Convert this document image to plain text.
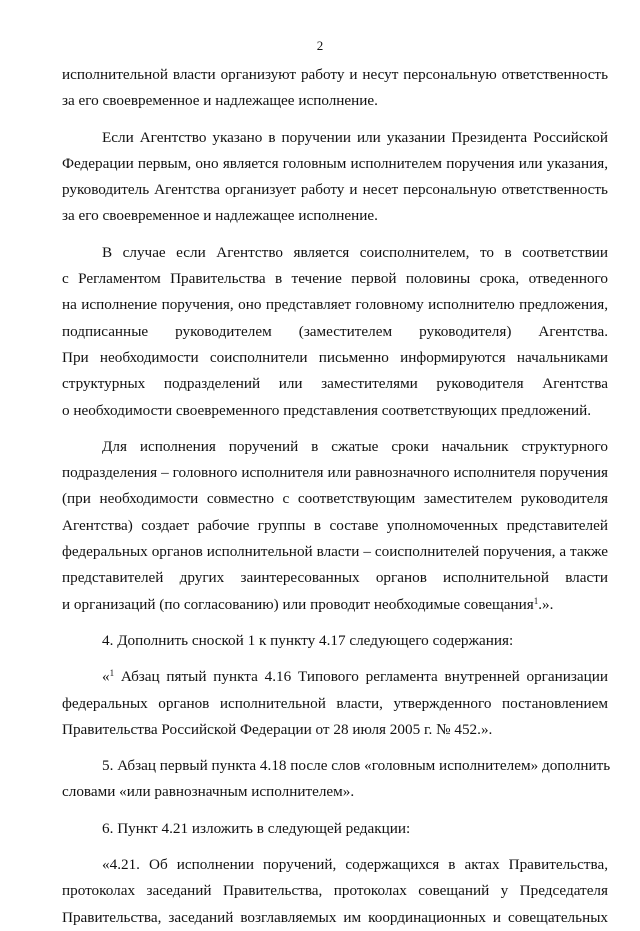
2
исполнительной власти организуют работу и несут персональную ответственность
за его своевременное и надлежащее исполнение.
Если Агентство указано в поручении или указании Президента Российской
Федерации первым, оно является головным исполнителем поручения или указания,
руководитель Агентства организует работу и несет персональную ответственность
за его своевременное и надлежащее исполнение.
В случае если Агентство является соисполнителем, то в соответствии
с Регламентом Правительства в течение первой половины срока, отведенного
на исполнение поручения, оно представляет головному исполнителю предложения,
подписанные руководителем (заместителем руководителя) Агентства.
При необходимости соисполнители письменно информируются начальниками
структурных подразделений или заместителями руководителя Агентства
о необходимости своевременного представления соответствующих предложений.
Для исполнения поручений в сжатые сроки начальник структурного
подразделения – головного исполнителя или равнозначного исполнителя поручения
(при необходимости совместно с соответствующим заместителем руководителя
Агентства) создает рабочие группы в составе уполномоченных представителей
федеральных органов исполнительной власти – соисполнителей поручения, а также
представителей других заинтересованных органов исполнительной власти
и организаций (по согласованию) или проводит необходимые совещания$^1$.».
4. Дополнить сноской 1 к пункту 4.17 следующего содержания:
«$^1$ Абзац пятый пункта 4.16 Типового регламента внутренней организации
федеральных органов исполнительной власти, утвержденного постановлением
Правительства Российской Федерации от 28 июля 2005 г. № 452.».
5. Абзац первый пункта 4.18 после слов «головным исполнителем» дополнить
словами «или равнозначным исполнителем».
6. Пункт 4.21 изложить в следующей редакции:
«4.21. Об исполнении поручений, содержащихся в актах Правительства,
протоколах заседаний Правительства, протоколах совещаний у Председателя
Правительства, заседаний возглавляемых им координационных и совещательных
